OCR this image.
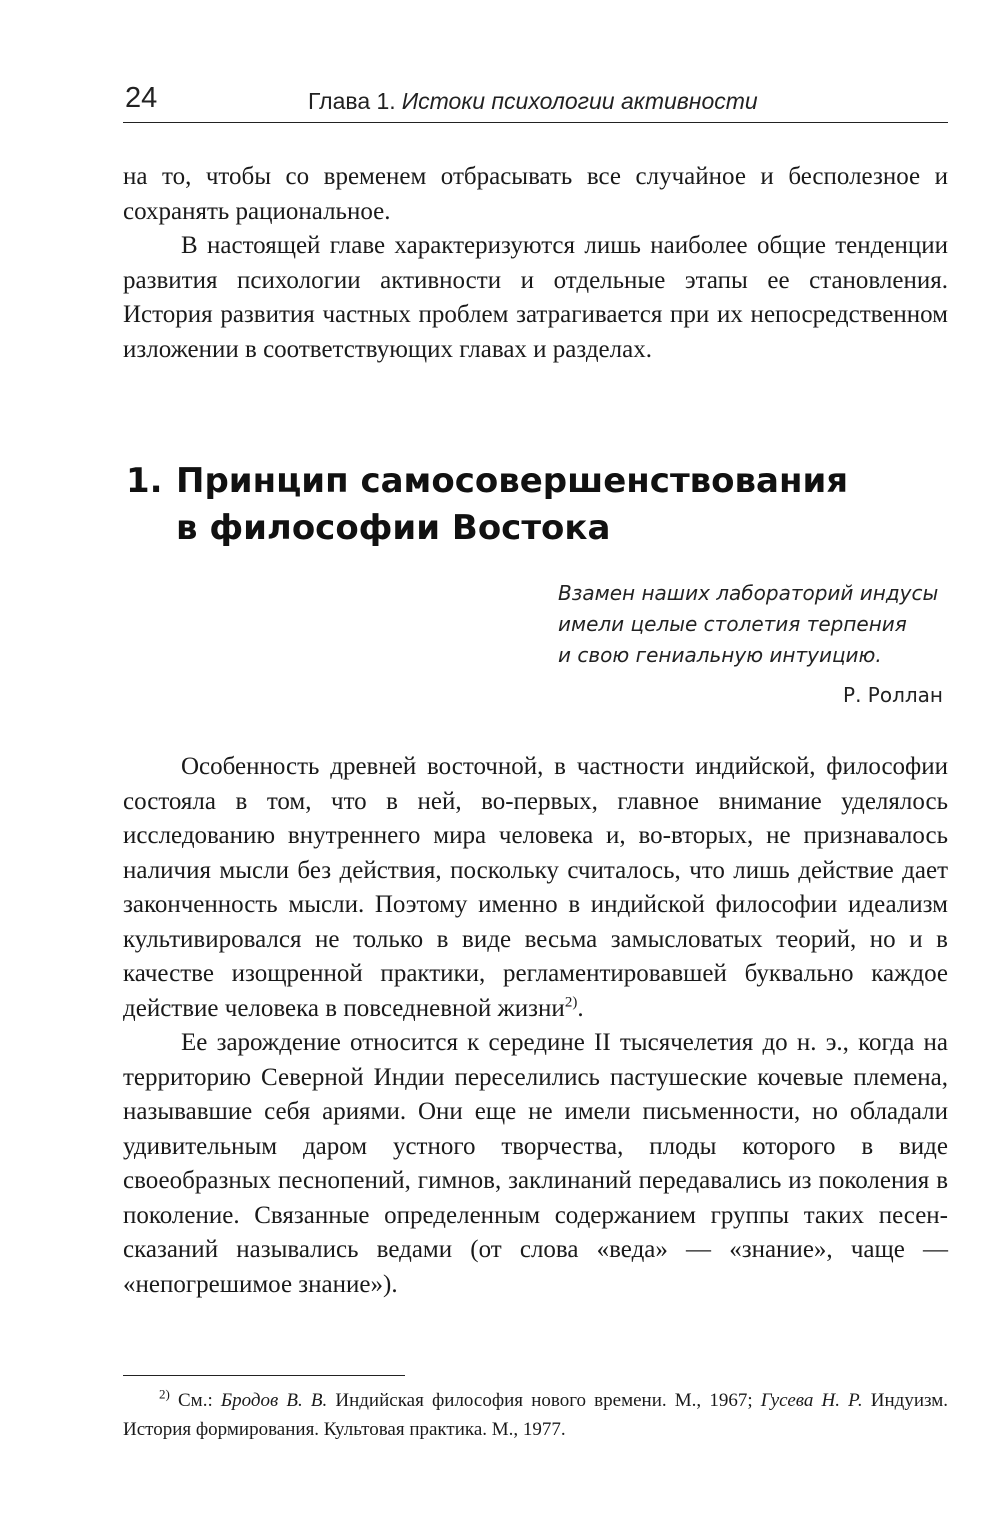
24	Глава 1. Истоки психологии активности

на то, чтобы со временем отбрасывать все случайное и бесполезное и сохранять рациональное.

В настоящей главе характеризуются лишь наиболее общие тенденции развития психологии активности и отдельные этапы ее становления. История развития частных проблем затрагивается при их непосредственном изложении в соответствующих главах и разделах.

1. Принцип самосовершенствования
в философии Востока
Взамен наших лабораторий индусы
имели целые столетия терпения
и свою гениальную интуицию.
Р. Роллан

Особенность древней восточной, в частности индийской, философии состояла в том, что в ней, во-первых, главное внимание уделялось исследованию внутреннего мира человека и, во-вторых, не признавалось наличия мысли без действия, поскольку считалось, что лишь действие дает законченность мысли. Поэтому именно в индийской философии идеализм культивировался не только в виде весьма замысловатых теорий, но и в качестве изощренной практики, регламентировавшей буквально каждое действие человека в повседневной жизни$^{2)}$.

Ее зарождение относится к середине II тысячелетия до н. э., когда на территорию Северной Индии переселились пастушеские кочевые племена, называвшие себя ариями. Они еще не имели письменности, но обладали удивительным даром устного творчества, плоды которого в виде своеобразных песнопений, гимнов, заклинаний передавались из поколения в поколение. Связанные определенным содержанием группы таких песен-сказаний назывались ведами (от слова «веда» — «знание», чаще — «непогрешимое знание»).

$^{2)}$ См.: Бродов В. В. Индийская философия нового времени. М., 1967; Гусева Н. Р. Индуизм. История формирования. Культовая практика. М., 1977.
